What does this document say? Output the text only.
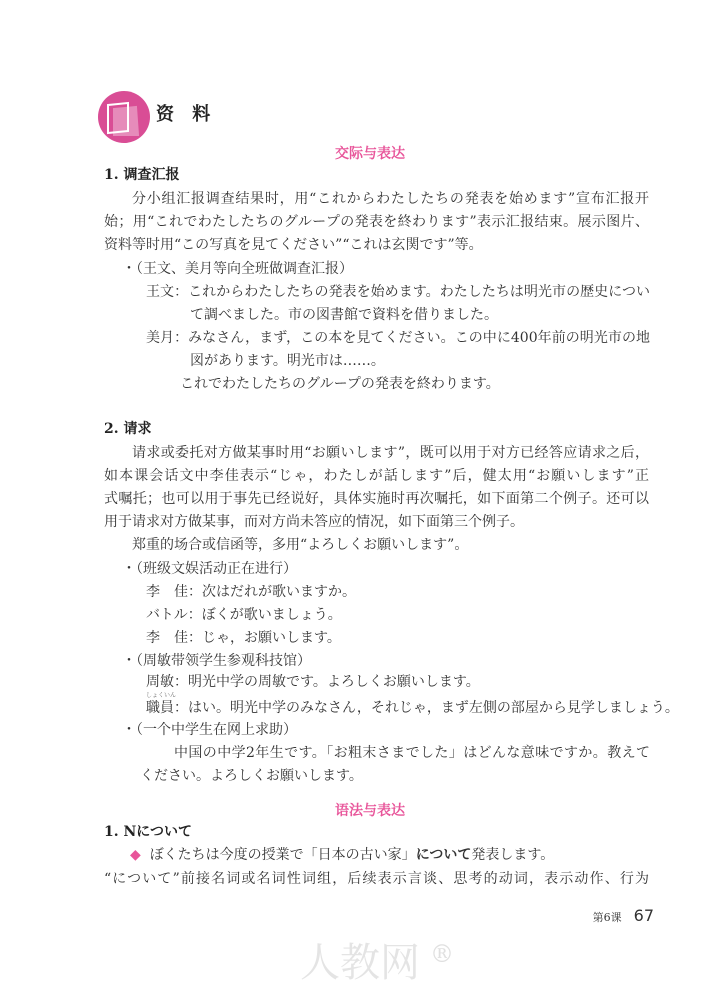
资 料
人教网 ®
交际与表达
1. 调查汇报
分小组汇报调查结果时，用“これからわたしたちの発表を始めます”宣布汇报开
始；用“これでわたしたちのグループの発表を終わります”表示汇报结束。展示图片、
资料等时用“この写真を見てください”“これは玄関です”等。
・（王文、美月等向全班做调查汇报）
王文：これからわたしたちの発表を始めます。わたしたちは明光市の歴史につい
て調べました。市の図書館で資料を借りました。
美月：みなさん，まず，この本を見てください。この中に400年前の明光市の地
図があります。明光市は……。
これでわたしたちのグループの発表を終わります。
2. 请求
请求或委托对方做某事时用“お願いします”，既可以用于对方已经答应请求之后，
如本课会话文中李佳表示“じゃ，わたしが話します”后，健太用“お願いします”正
式嘱托；也可以用于事先已经说好，具体实施时再次嘱托，如下面第二个例子。还可以
用于请求对方做某事，而对方尚未答应的情况，如下面第三个例子。
郑重的场合或信函等，多用“よろしくお願いします”。
・（班级文娱活动正在进行）
李　佳：次はだれが歌いますか。
バトル：ぼくが歌いましょう。
李　佳：じゃ，お願いします。
・（周敏带领学生参观科技馆）
周敏：明光中学の周敏です。よろしくお願いします。
しょくいん
職員：はい。明光中学のみなさん，それじゃ，まず左側の部屋から見学しましょう。
・（一个中学生在网上求助）
中国の中学2年生です。「お粗末さまでした」はどんな意味ですか。教えて
ください。よろしくお願いします。
语法与表达
1. Nについて
◆ ぼくたちは今度の授業で「日本の古い家」について発表します。
“について”前接名词或名词性词组，后续表示言谈、思考的动词，表示动作、行为
第6课 67
